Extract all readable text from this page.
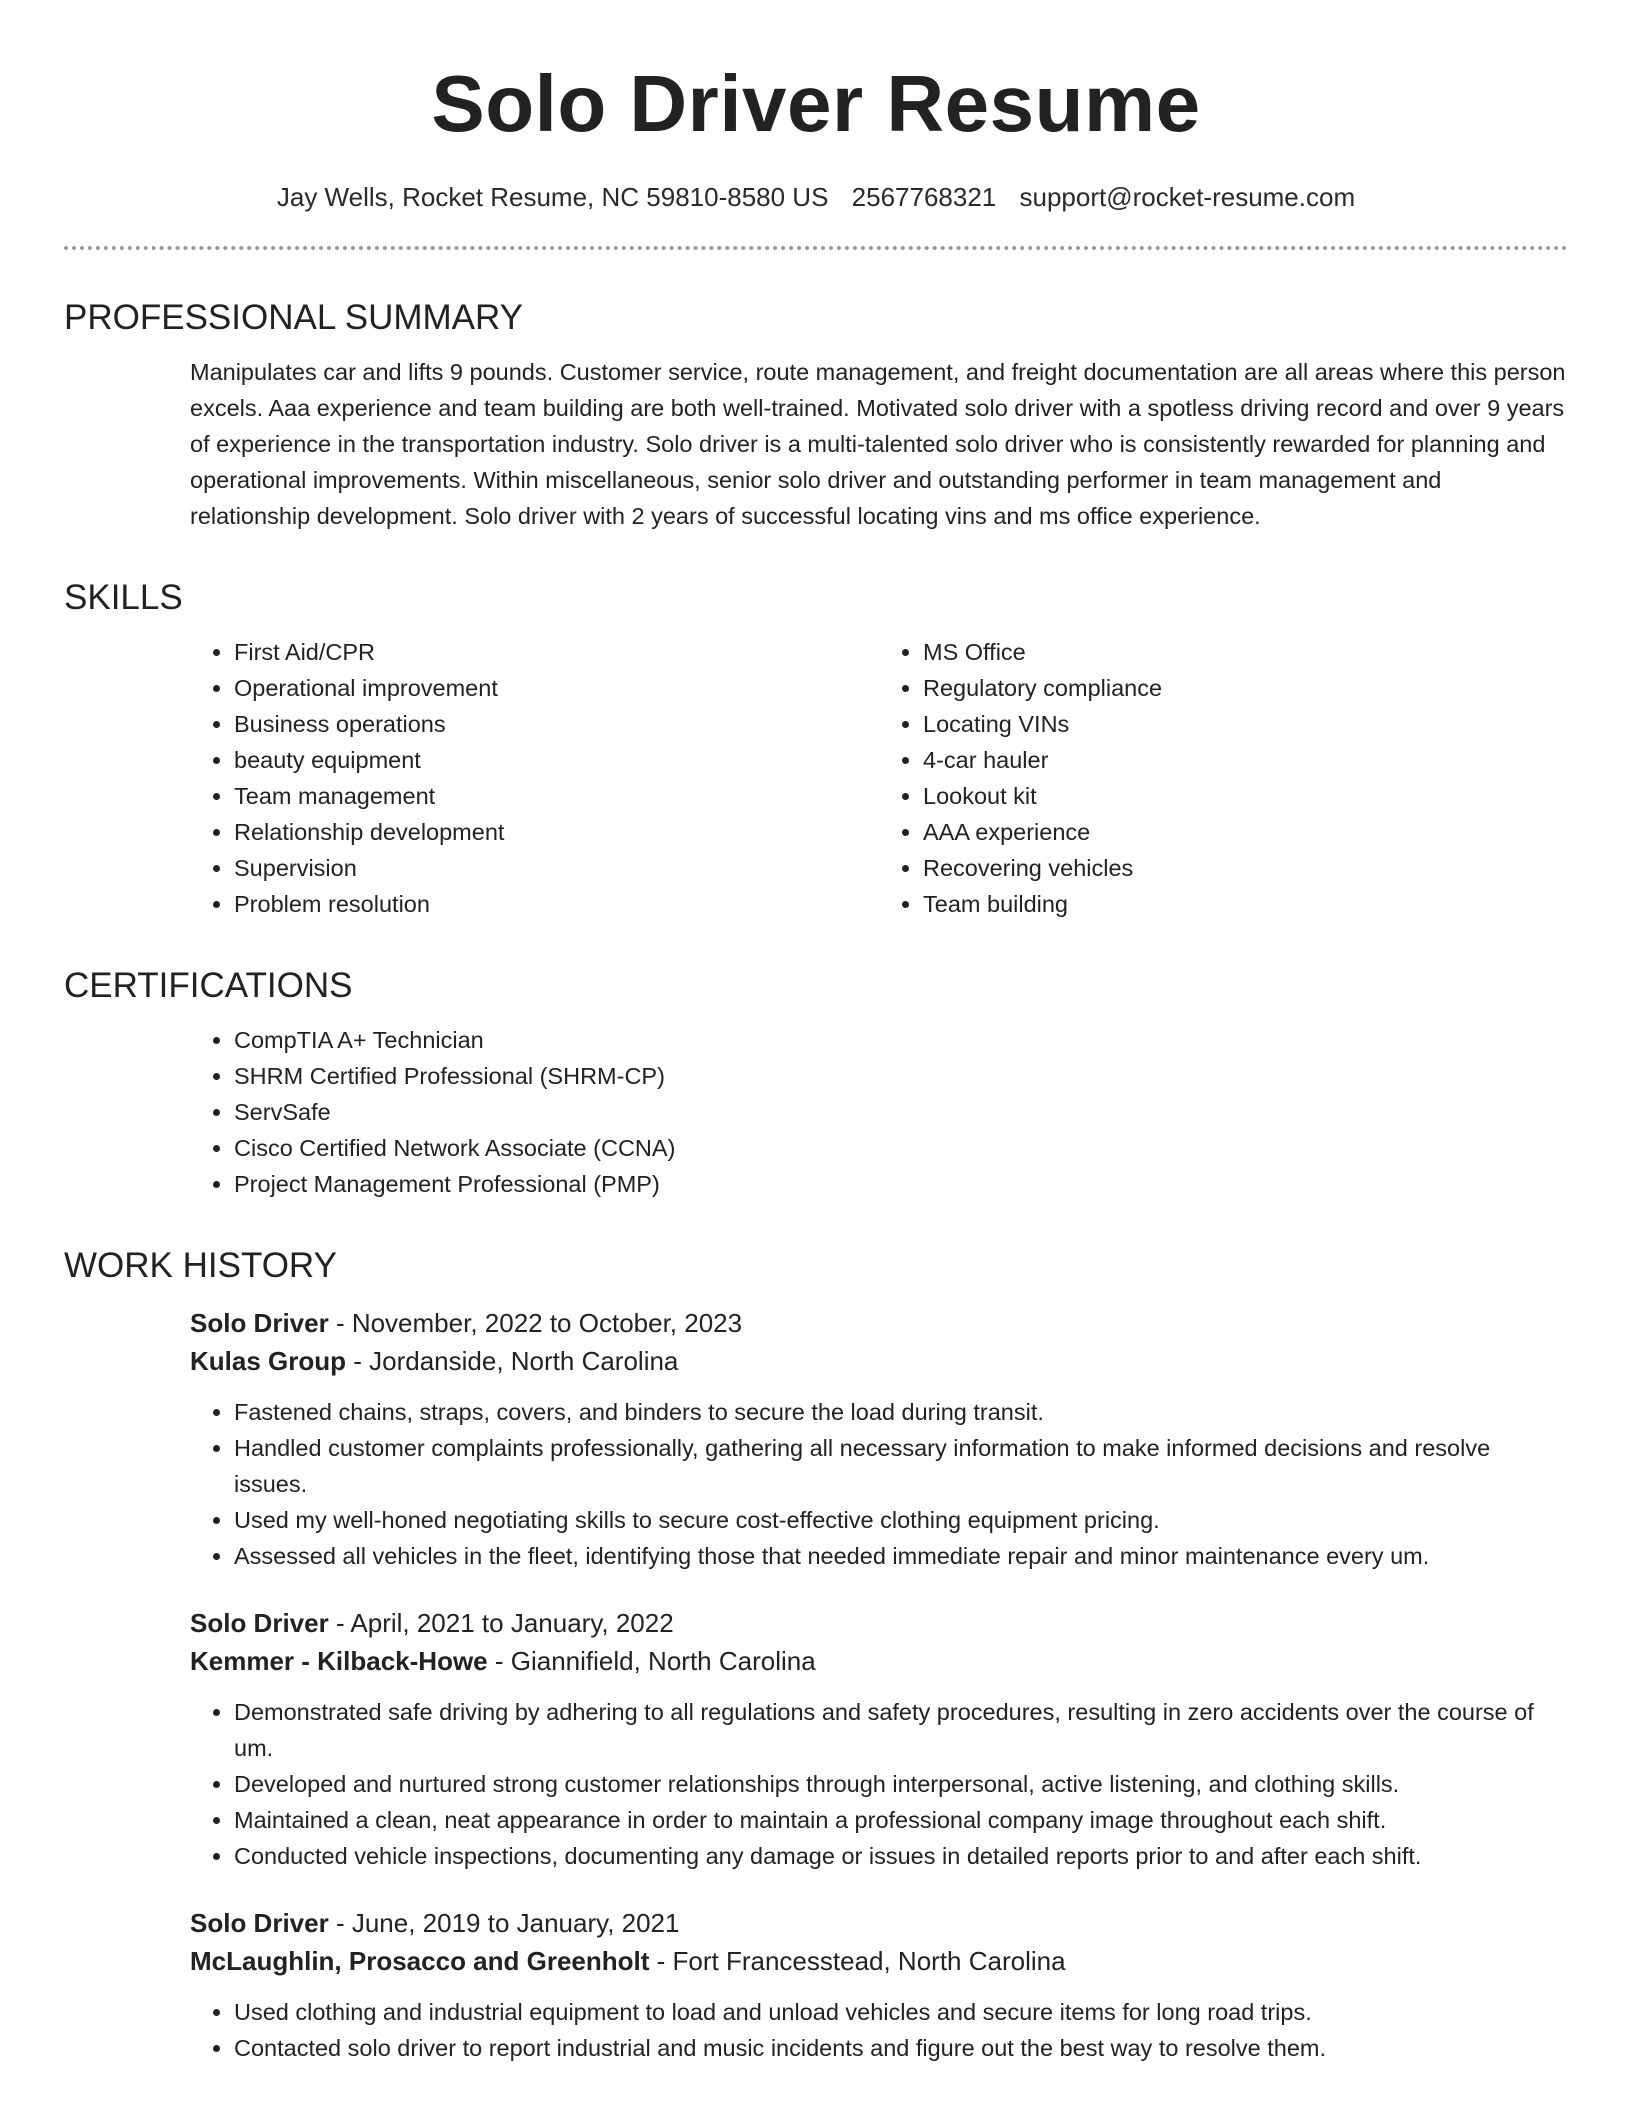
Solo Driver Resume
Jay Wells, Rocket Resume, NC 59810-8580 US 2567768321 support@rocket-resume.com
PROFESSIONAL SUMMARY
Manipulates car and lifts 9 pounds. Customer service, route management, and freight documentation are all areas where this person excels. Aaa experience and team building are both well-trained. Motivated solo driver with a spotless driving record and over 9 years of experience in the transportation industry. Solo driver is a multi-talented solo driver who is consistently rewarded for planning and operational improvements. Within miscellaneous, senior solo driver and outstanding performer in team management and relationship development. Solo driver with 2 years of successful locating vins and ms office experience.
SKILLS
• First Aid/CPR
• Operational improvement
• Business operations
• beauty equipment
• Team management
• Relationship development
• Supervision
• Problem resolution
• MS Office
• Regulatory compliance
• Locating VINs
• 4-car hauler
• Lookout kit
• AAA experience
• Recovering vehicles
• Team building
CERTIFICATIONS
• CompTIA A+ Technician
• SHRM Certified Professional (SHRM-CP)
• ServSafe
• Cisco Certified Network Associate (CCNA)
• Project Management Professional (PMP)
WORK HISTORY
Solo Driver - November, 2022 to October, 2023
Kulas Group - Jordanside, North Carolina
• Fastened chains, straps, covers, and binders to secure the load during transit.
• Handled customer complaints professionally, gathering all necessary information to make informed decisions and resolve issues.
• Used my well-honed negotiating skills to secure cost-effective clothing equipment pricing.
• Assessed all vehicles in the fleet, identifying those that needed immediate repair and minor maintenance every um.
Solo Driver - April, 2021 to January, 2022
Kemmer - Kilback-Howe - Giannifield, North Carolina
• Demonstrated safe driving by adhering to all regulations and safety procedures, resulting in zero accidents over the course of um.
• Developed and nurtured strong customer relationships through interpersonal, active listening, and clothing skills.
• Maintained a clean, neat appearance in order to maintain a professional company image throughout each shift.
• Conducted vehicle inspections, documenting any damage or issues in detailed reports prior to and after each shift.
Solo Driver - June, 2019 to January, 2021
McLaughlin, Prosacco and Greenholt - Fort Francesstead, North Carolina
• Used clothing and industrial equipment to load and unload vehicles and secure items for long road trips.
• Contacted solo driver to report industrial and music incidents and figure out the best way to resolve them.
